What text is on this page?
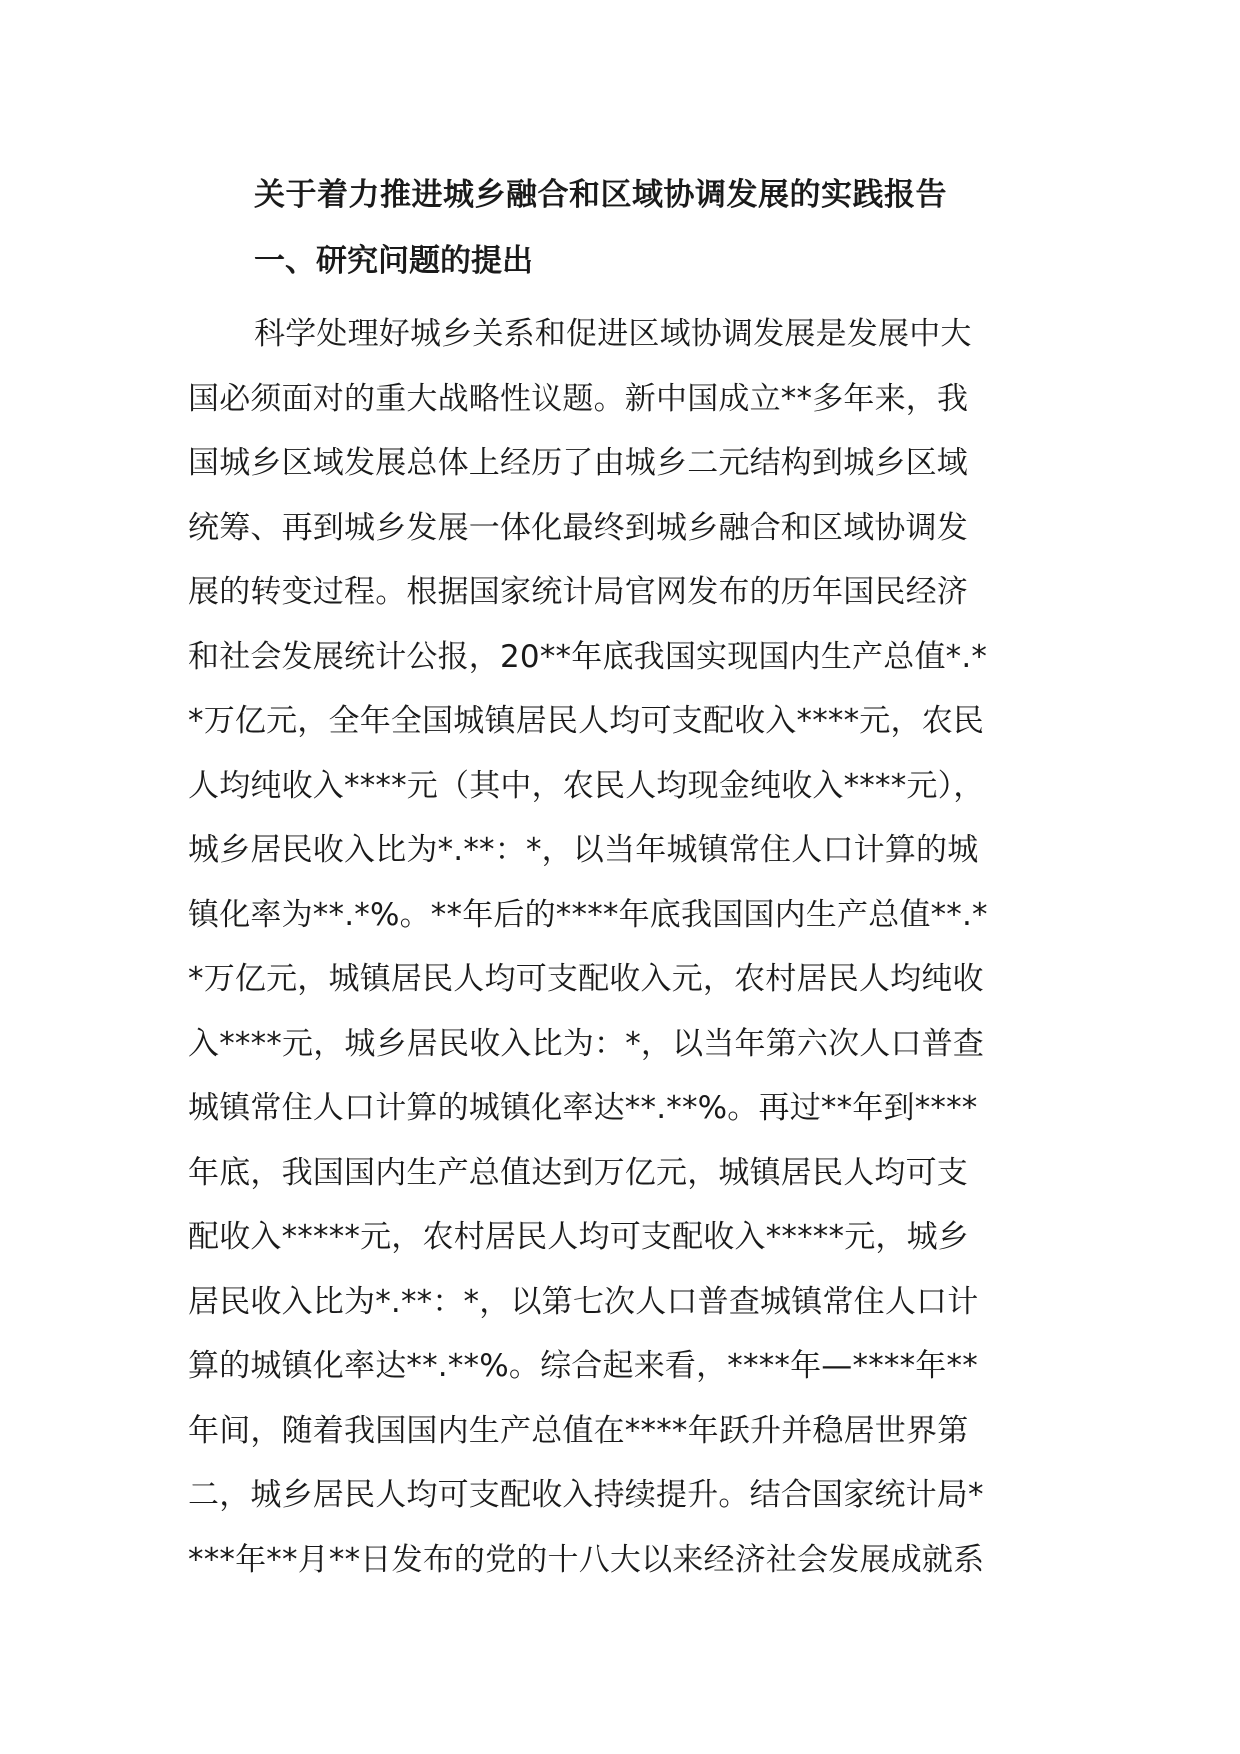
关于着力推进城乡融合和区域协调发展的实践报告
一、研究问题的提出
科学处理好城乡关系和促进区域协调发展是发展中大
国必须面对的重大战略性议题。新中国成立**多年来，我
国城乡区域发展总体上经历了由城乡二元结构到城乡区域
统筹、再到城乡发展一体化最终到城乡融合和区域协调发
展的转变过程。根据国家统计局官网发布的历年国民经济
和社会发展统计公报，20**年底我国实现国内生产总值*.*
*万亿元，全年全国城镇居民人均可支配收入****元，农民
人均纯收入****元（其中，农民人均现金纯收入****元），
城乡居民收入比为*.**：*，以当年城镇常住人口计算的城
镇化率为**.*%。**年后的****年底我国国内生产总值**.*
*万亿元，城镇居民人均可支配收入元，农村居民人均纯收
入****元，城乡居民收入比为：*，以当年第六次人口普查
城镇常住人口计算的城镇化率达**.**%。再过**年到****
年底，我国国内生产总值达到万亿元，城镇居民人均可支
配收入*****元，农村居民人均可支配收入*****元，城乡
居民收入比为*.**：*，以第七次人口普查城镇常住人口计
算的城镇化率达**.**%。综合起来看，****年—****年**
年间，随着我国国内生产总值在****年跃升并稳居世界第
二，城乡居民人均可支配收入持续提升。结合国家统计局*
***年**月**日发布的党的十八大以来经济社会发展成就系
